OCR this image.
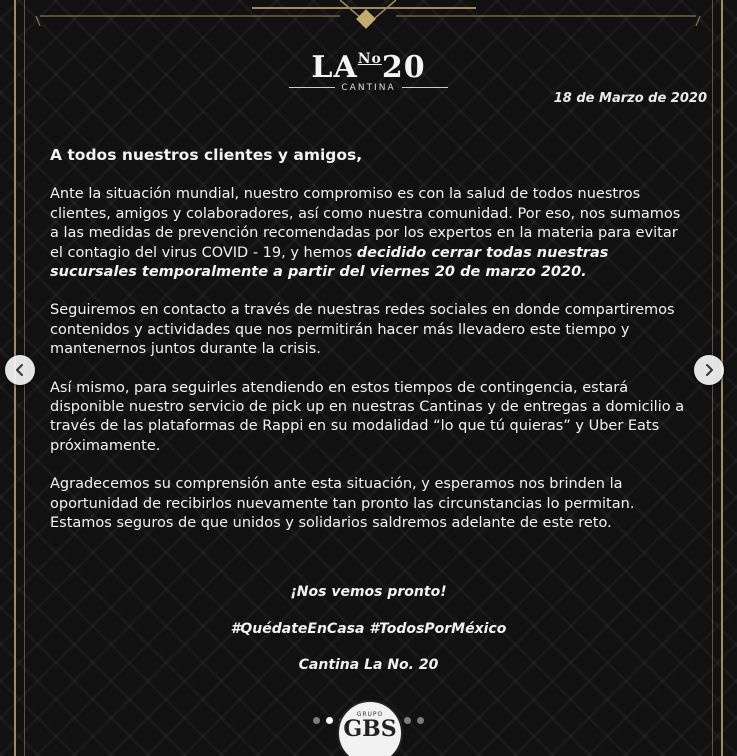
$LA^{No}20$
CANTINA
18 de Marzo de 2020

A todos nuestros clientes y amigos,

Ante la situación mundial, nuestro compromiso es con la salud de todos nuestros clientes, amigos y colaboradores, así como nuestra comunidad. Por eso, nos sumamos a las medidas de prevención recomendadas por los expertos en la materia para evitar el contagio del virus COVID - 19, y hemos decidido cerrar todas nuestras sucursales temporalmente a partir del viernes 20 de marzo 2020.

Seguiremos en contacto a través de nuestras redes sociales en donde compartiremos contenidos y actividades que nos permitirán hacer más llevadero este tiempo y mantenernos juntos durante la crisis.

Así mismo, para seguirles atendiendo en estos tiempos de contingencia, estará disponible nuestro servicio de pick up en nuestras Cantinas y de entregas a domicilio a través de las plataformas de Rappi en su modalidad “lo que tú quieras” y Uber Eats próximamente.

Agradecemos su comprensión ante esta situación, y esperamos nos brinden la oportunidad de recibirlos nuevamente tan pronto las circunstancias lo permitan. Estamos seguros de que unidos y solidarios saldremos adelante de este reto.

¡Nos vemos pronto!
#QuédateEnCasa #TodosPorMéxico
Cantina La No. 20
GRUPO
GBS
